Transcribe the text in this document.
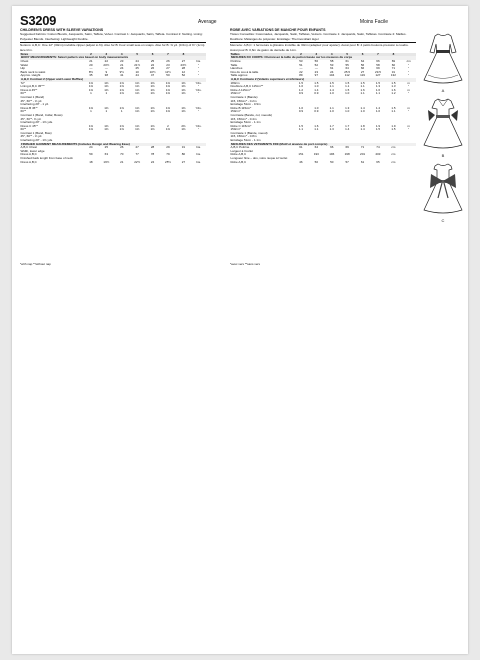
S3209	Average	Moins Facile
CHILDREN'S DRESS WITH SLEEVE VARIATIONS

Suggested Fabrics: Cotton Blends, Jacquards, Satin, Taffeta, Velvet. Contrast 1: Jacquards, Satin, Taffeta. Contrast 2: Netting. Lining: Polyester Blends. Interfacing: Lightweight Fusible.

Notions: A,B,C: One 12" (30cm) invisible zipper (adjust to fit). Also for B: Four small sew-on snaps. Also for B: ⅜ yd. (0.6m) of ⅜" (1cm) lace trim.

Sizes	2	3	4	5	6	7	8	
BODY MEASUREMENTS: Select pattern size based on body measurements								
Chest	21	22	23	24	25	26	27	Ins.
Waist	20	20½	21	21½	22	23	23½	"
Hip	—	—	24	25	26	27	28	"
Back neck to waist	8½	9	9½	10	10½	11½	12	"
Approx. Height	35	38	41	44	47	50	52	"
A,B,C Contrast 2 (Upper and Lower Ruffles)								
72"	1⅜	1⅜	1⅜	1⅜	1⅜	1⅜	1⅜	Yds.
Lining A,B,C 45"**	1⅜	1⅜	1⅜	1⅜	1⅜	1⅜	1⅜	"
Dress A 45"*	1⅜	1⅜	1⅜	1⅜	1⅜	1⅜	1⅜	Yds.
60"*	1	1	1⅜	1⅜	1⅜	1⅜	1⅜	"
Contrast 1 (Band)								
45", 60"* - ⅜ yd.								
Interfacing 20" - 1 yd.								
Dress B 45"*	1⅜	1⅜	1⅜	1⅜	1⅜	1⅜	1⅜	Yds.
60"*	1	1	1	1⅜	1⅜	1⅜	1⅜	"
Contrast 1 (Band, Collar, Bows)								
45", 60"*- ⅜ yd.								
Interfacing 20" - 1⅜ yds.								
Dress C 45"*	1⅜	1⅜	1⅜	1⅜	1⅜	2	2⅜	Yds.
60"*	1⅜	1⅜	1⅜	1⅜	1⅜	1⅜	1⅜	"
Contrast 1 (Band, Bow)								
45", 60"* - ⅜ yd.								
Interfacing 20" - 1⅜ yds.								
FINISHED GARMENT MEASUREMENTS (Includes Design and Wearing Ease)								
A,B,C Chest	24	25	26	27	28	29	31	Ins.
Width, lower edge								
Dress A,B,C	59	63	70	77	78	79	80	Ins.
Finished back length from base of neck								
Dress A,B,C	18	19½	21	22½	24	25½	27	Ins.
ROBE AVEC VARIATIONS DE MANCHE POUR ENFANTS

Tissus Conseillés: Cotonnades, Jacquards, Satin, Taffetas, Velours. Contraste 1: Jacquards, Satin, Taffetas. Contraste 2: Mailles. Doublure: Mélanges de polyester. Entoilage: Thermocollant léger

Mercerie: A,B,C: 1 fermeture à glissière invisible de 30cm (adaptez pour ajuster). Aussi pour B: 4 petits boutons-pression à coudre. Aussi pour B: 0,6m de galon de dentelle de 1cm.

Tailles	2	3	4	5	6	7	8	
MESURES DU CORPS: Choisissez la taille du patron basée sur les mesures du corps								
Poitrine	53	56	58	61	64	66	69	cm
Taille	51	52	53	55	56	58	60	"
Hanches	—	—	61	64	66	69	71	"
Dos du cou à la taille	22	23	24	25.5	27	29.5	31	"
Taille approx.	89	97	104	112	119	127	132	"
A,B,C Contraste 2 (Volants supérieurs et inférieurs)								
180cm	1.5	1.5	1.5	1.5	1.5	1.5	1.5	m
Doublure A,B,C 115cm**	1.0	1.0	1.1	1.1	1.1	1.3	1.3	"
Robe A 115cm*	1.2	1.4	1.4	1.5	1.6	1.6	1.6	m
150cm*	0.9	0.9	1.0	1.0	1.1	1.1	1.2	"
Contraste 1 (Bande)								
115, 150cm* - 0.2m								
Entoilage 51cm - 0.9m								
Robe B 115cm*	1.0	1.0	1.1	1.3	1.4	1.4	1.5	m
150cm*	0.9	0.9	1.0	1.0	1.0	1.0	1.1	"
Contraste (Bande, col, noeuds)								
115, 150cm* - 0.4m								
Entoilage 51cm - 1.1m								
Robe C 115cm*	1.5	1.6	1.7	1.7	1.8	1.9	1.9	m
150cm*	1.1	1.1	1.3	1.4	1.4	1.5	1.5	"
Contraste 1 (Bande, noeud)								
115, 150cm* - 0.8m								
Entoilage 51cm - 1.1m								
MESURES DES VÊTEMENTS FINI (Motif et aisance de port compris)								
A,B,C Poitrine	61	64	66	69	71	74	cm	
Largeur à l'ourlet								
Robe A,B,C	151	193	196	198	201	203	cm	
Longueur finie – dos, votre nuque à l'ourlet								
Robe A,B,C	46	50	50	57	61	65	cm	
*with nap **without nap	*avec vers **sans vers
A
B
C
